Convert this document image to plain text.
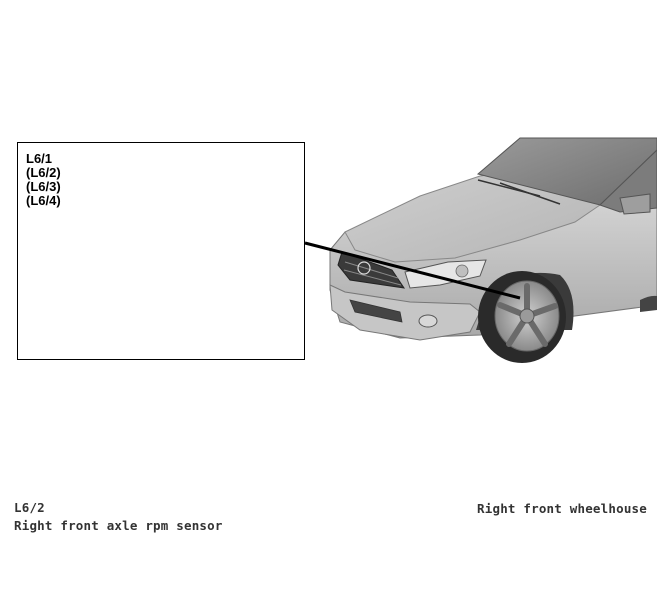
L6/1
(L6/2)
(L6/3)
(L6/4)
L6/2
Right front axle rpm sensor
Right front wheelhouse
